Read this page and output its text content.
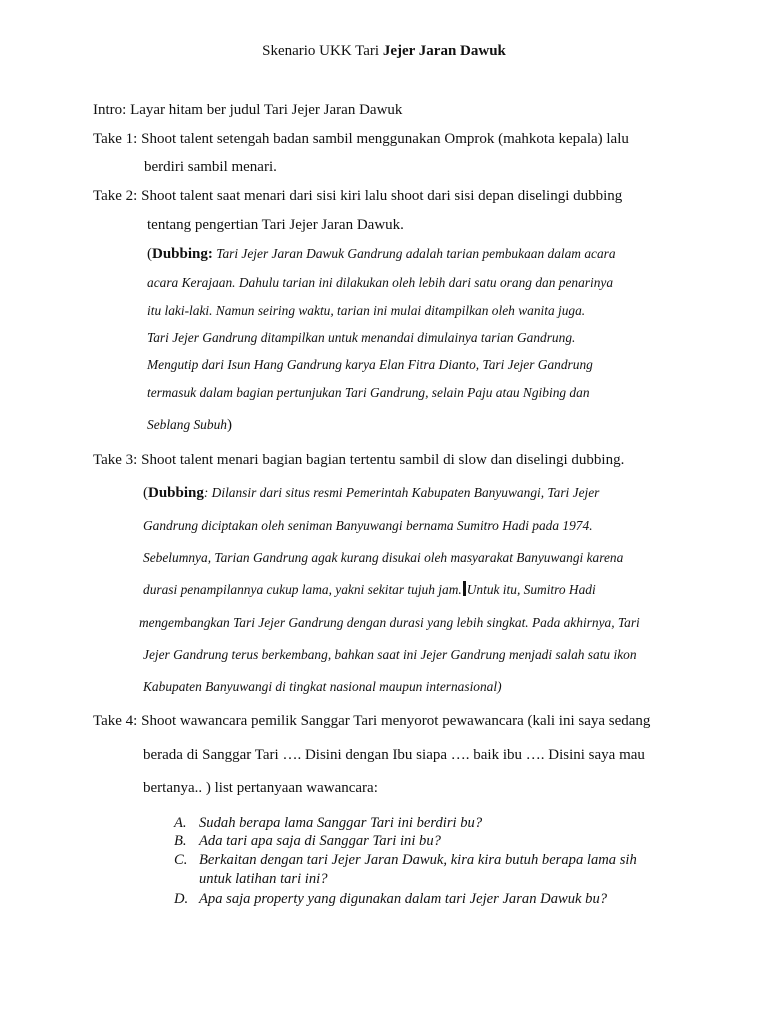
Skenario UKK Tari Jejer Jaran Dawuk
Intro: Layar hitam ber judul Tari Jejer Jaran Dawuk
Take 1: Shoot talent setengah badan sambil menggunakan Omprok (mahkota kepala) lalu
berdiri sambil menari.
Take 2: Shoot talent saat menari dari sisi kiri lalu shoot dari sisi depan diselingi dubbing
tentang pengertian Tari Jejer Jaran Dawuk.
(Dubbing: Tari Jejer Jaran Dawuk Gandrung adalah tarian pembukaan dalam acara
acara Kerajaan. Dahulu tarian ini dilakukan oleh lebih dari satu orang dan penarinya
itu laki-laki. Namun seiring waktu, tarian ini mulai ditampilkan oleh wanita juga.
Tari Jejer Gandrung ditampilkan untuk menandai dimulainya tarian Gandrung.
Mengutip dari Isun Hang Gandrung karya Elan Fitra Dianto, Tari Jejer Gandrung
termasuk dalam bagian pertunjukan Tari Gandrung, selain Paju atau Ngibing dan
Seblang Subuh)
Take 3: Shoot talent menari bagian bagian tertentu sambil di slow dan diselingi dubbing.
(Dubbing: Dilansir dari situs resmi Pemerintah Kabupaten Banyuwangi, Tari Jejer
Gandrung diciptakan oleh seniman Banyuwangi bernama Sumitro Hadi pada 1974.
Sebelumnya, Tarian Gandrung agak kurang disukai oleh masyarakat Banyuwangi karena
durasi penampilannya cukup lama, yakni sekitar tujuh jam. Untuk itu, Sumitro Hadi
mengembangkan Tari Jejer Gandrung dengan durasi yang lebih singkat. Pada akhirnya, Tari
Jejer Gandrung terus berkembang, bahkan saat ini Jejer Gandrung menjadi salah satu ikon
Kabupaten Banyuwangi di tingkat nasional maupun internasional)
Take 4: Shoot wawancara pemilik Sanggar Tari menyorot pewawancara (kali ini saya sedang
berada di Sanggar Tari …. Disini dengan Ibu siapa …. baik ibu …. Disini saya mau
bertanya.. ) list pertanyaan wawancara:
A. Sudah berapa lama Sanggar Tari ini berdiri bu?
B. Ada tari apa saja di Sanggar Tari ini bu?
C. Berkaitan dengan tari Jejer Jaran Dawuk, kira kira butuh berapa lama sih
untuk latihan tari ini?
D. Apa saja property yang digunakan dalam tari Jejer Jaran Dawuk bu?
